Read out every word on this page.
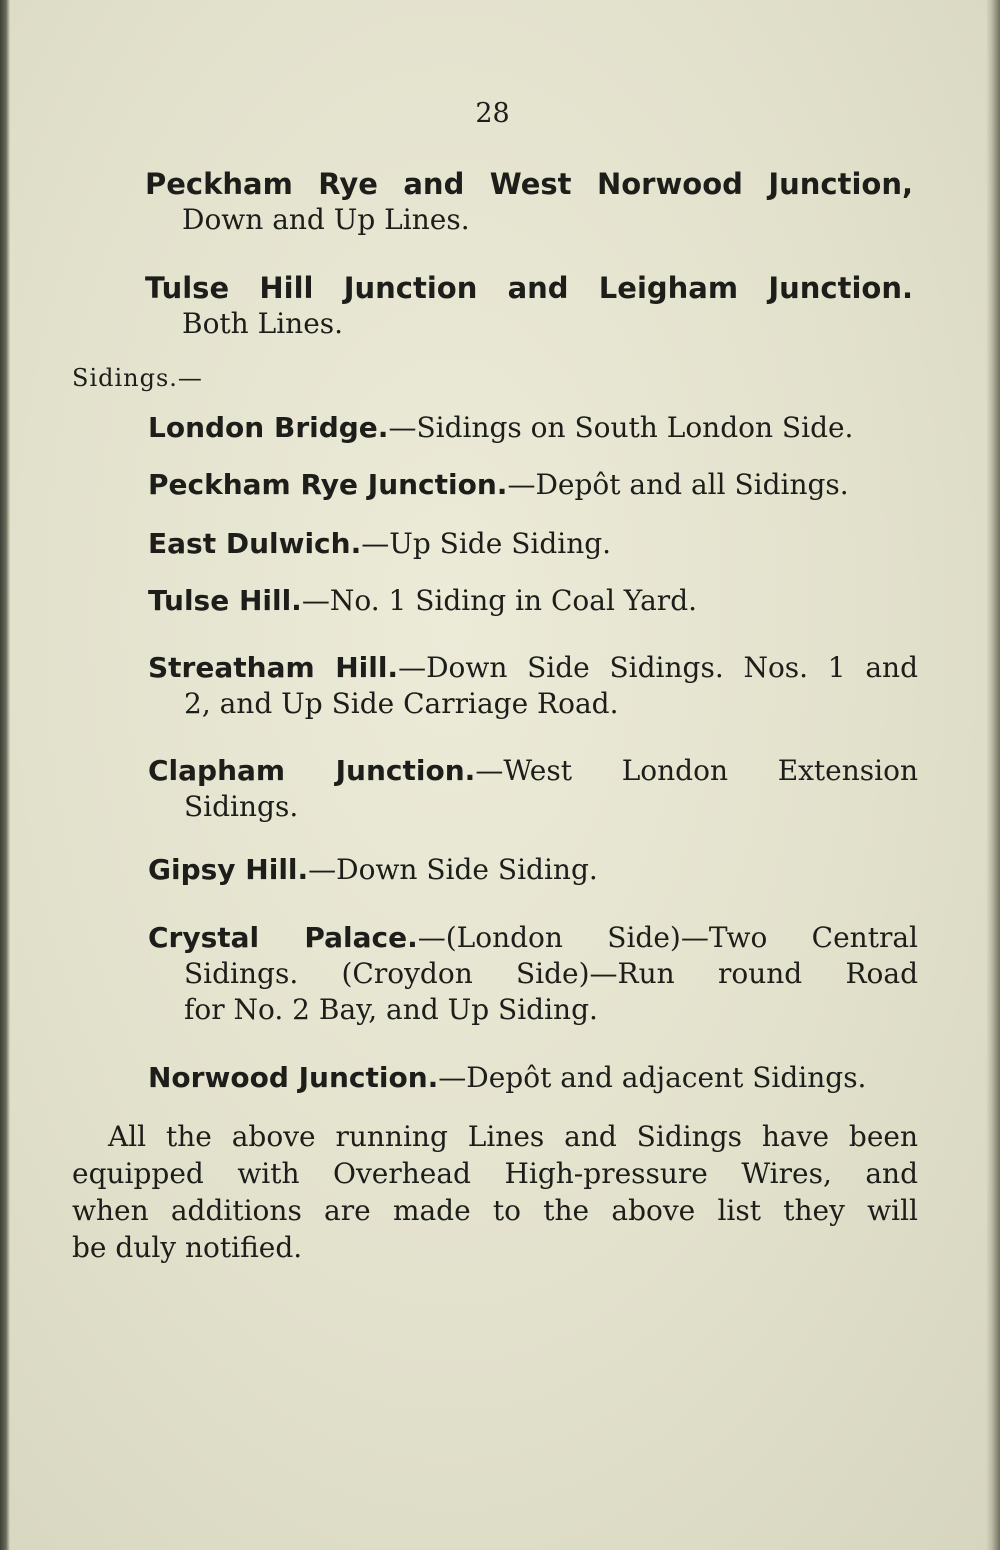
28
Peckham Rye and West Norwood Junction,
Down and Up Lines.
Tulse Hill Junction and Leigham Junction.
Both Lines.
Sidings.—
London Bridge.—Sidings on South London Side.
Peckham Rye Junction.—Depôt and all Sidings.
East Dulwich.—Up Side Siding.
Tulse Hill.—No. 1 Siding in Coal Yard.
Streatham Hill.—Down Side Sidings. Nos. 1 and
2, and Up Side Carriage Road.
Clapham Junction.—West London Extension
Sidings.
Gipsy Hill.—Down Side Siding.
Crystal Palace.—(London Side)—Two Central
Sidings. (Croydon Side)—Run round Road
for No. 2 Bay, and Up Siding.
Norwood Junction.—Depôt and adjacent Sidings.
All the above running Lines and Sidings have been
equipped with Overhead High-pressure Wires, and
when additions are made to the above list they will
be duly notified.
